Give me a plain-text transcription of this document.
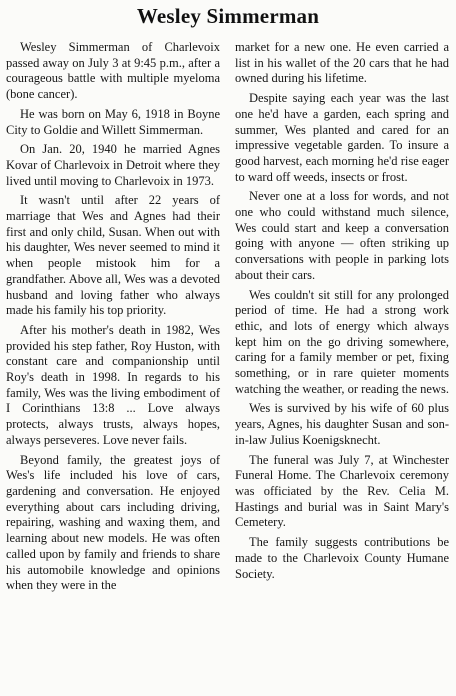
Wesley Simmerman

Wesley Simmerman of Charlevoix passed away on July 3 at 9:45 p.m., after a courageous battle with multiple myeloma (bone cancer).

He was born on May 6, 1918 in Boyne City to Goldie and Willett Simmerman.

On Jan. 20, 1940 he married Agnes Kovar of Charlevoix in Detroit where they lived until moving to Charlevoix in 1973.

It wasn't until after 22 years of marriage that Wes and Agnes had their first and only child, Susan. When out with his daughter, Wes never seemed to mind it when people mistook him for a grandfather. Above all, Wes was a devoted husband and loving father who always made his family his top priority.

After his mother's death in 1982, Wes provided his step father, Roy Huston, with constant care and companionship until Roy's death in 1998. In regards to his family, Wes was the living embodiment of I Corinthians 13:8 ... Love always protects, always trusts, always hopes, always perseveres. Love never fails.

Beyond family, the greatest joys of Wes's life included his love of cars, gardening and conversation. He enjoyed everything about cars including driving, repairing, washing and waxing them, and learning about new models. He was often called upon by family and friends to share his automobile knowledge and opinions when they were in the

market for a new one. He even carried a list in his wallet of the 20 cars that he had owned during his lifetime.

Despite saying each year was the last one he'd have a garden, each spring and summer, Wes planted and cared for an impressive vegetable garden. To insure a good harvest, each morning he'd rise eager to ward off weeds, insects or frost.

Never one at a loss for words, and not one who could withstand much silence, Wes could start and keep a conversation going with anyone — often striking up conversations with people in parking lots about their cars.

Wes couldn't sit still for any prolonged period of time. He had a strong work ethic, and lots of energy which always kept him on the go driving somewhere, caring for a family member or pet, fixing something, or in rare quieter moments watching the weather, or reading the news.

Wes is survived by his wife of 60 plus years, Agnes, his daughter Susan and son-in-law Julius Koenigsknecht.

The funeral was July 7, at Winchester Funeral Home. The Charlevoix ceremony was officiated by the Rev. Celia M. Hastings and burial was in Saint Mary's Cemetery.

The family suggests contributions be made to the Charlevoix County Humane Society.
